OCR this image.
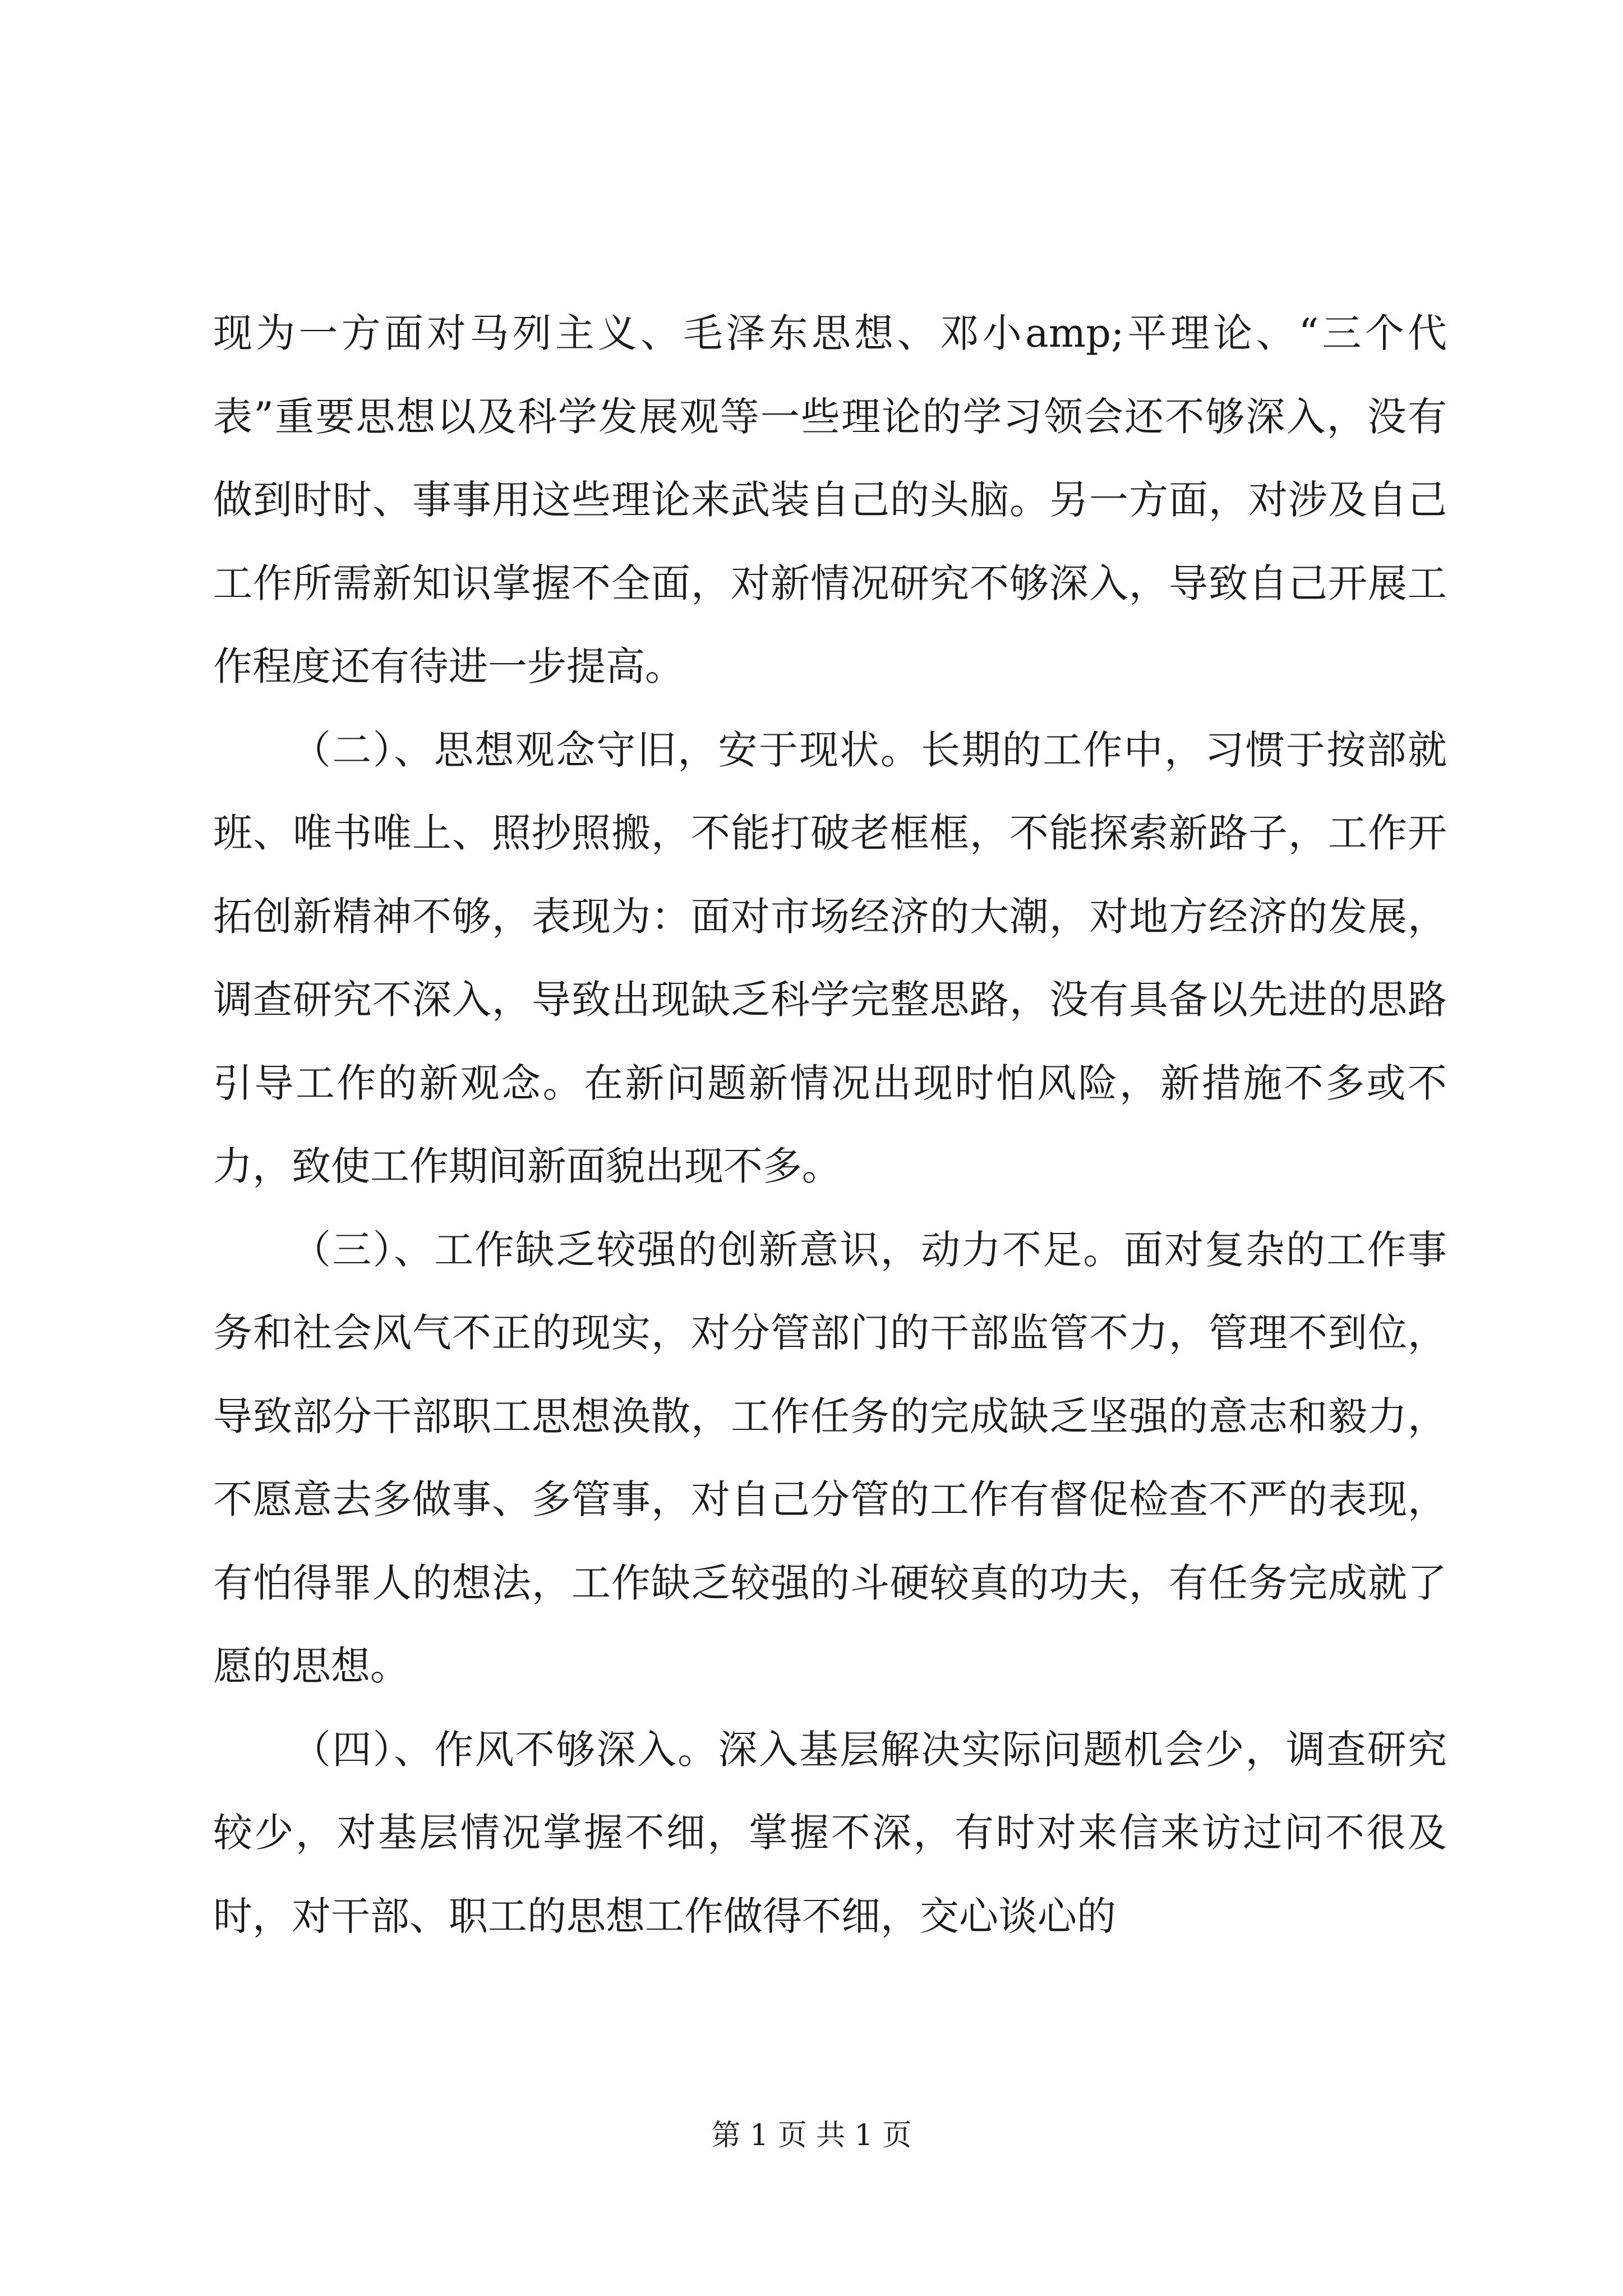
现为一方面对马列主义、毛泽东思想、邓小amp;平理论、“三个代表”重要思想以及科学发展观等一些理论的学习领会还不够深入，没有做到时时、事事用这些理论来武装自己的头脑。另一方面，对涉及自己工作所需新知识掌握不全面，对新情况研究不够深入，导致自己开展工作程度还有待进一步提高。

（二）、思想观念守旧，安于现状。长期的工作中，习惯于按部就班、唯书唯上、照抄照搬，不能打破老框框，不能探索新路子，工作开拓创新精神不够，表现为：面对市场经济的大潮，对地方经济的发展，调查研究不深入，导致出现缺乏科学完整思路，没有具备以先进的思路引导工作的新观念。在新问题新情况出现时怕风险，新措施不多或不力，致使工作期间新面貌出现不多。

（三）、工作缺乏较强的创新意识，动力不足。面对复杂的工作事务和社会风气不正的现实，对分管部门的干部监管不力，管理不到位，导致部分干部职工思想涣散，工作任务的完成缺乏坚强的意志和毅力，不愿意去多做事、多管事，对自己分管的工作有督促检查不严的表现，有怕得罪人的想法，工作缺乏较强的斗硬较真的功夫，有任务完成就了愿的思想。

（四）、作风不够深入。深入基层解决实际问题机会少，调查研究较少，对基层情况掌握不细，掌握不深，有时对来信来访过问不很及时，对干部、职工的思想工作做得不细，交心谈心的

第 1 页 共 1 页
